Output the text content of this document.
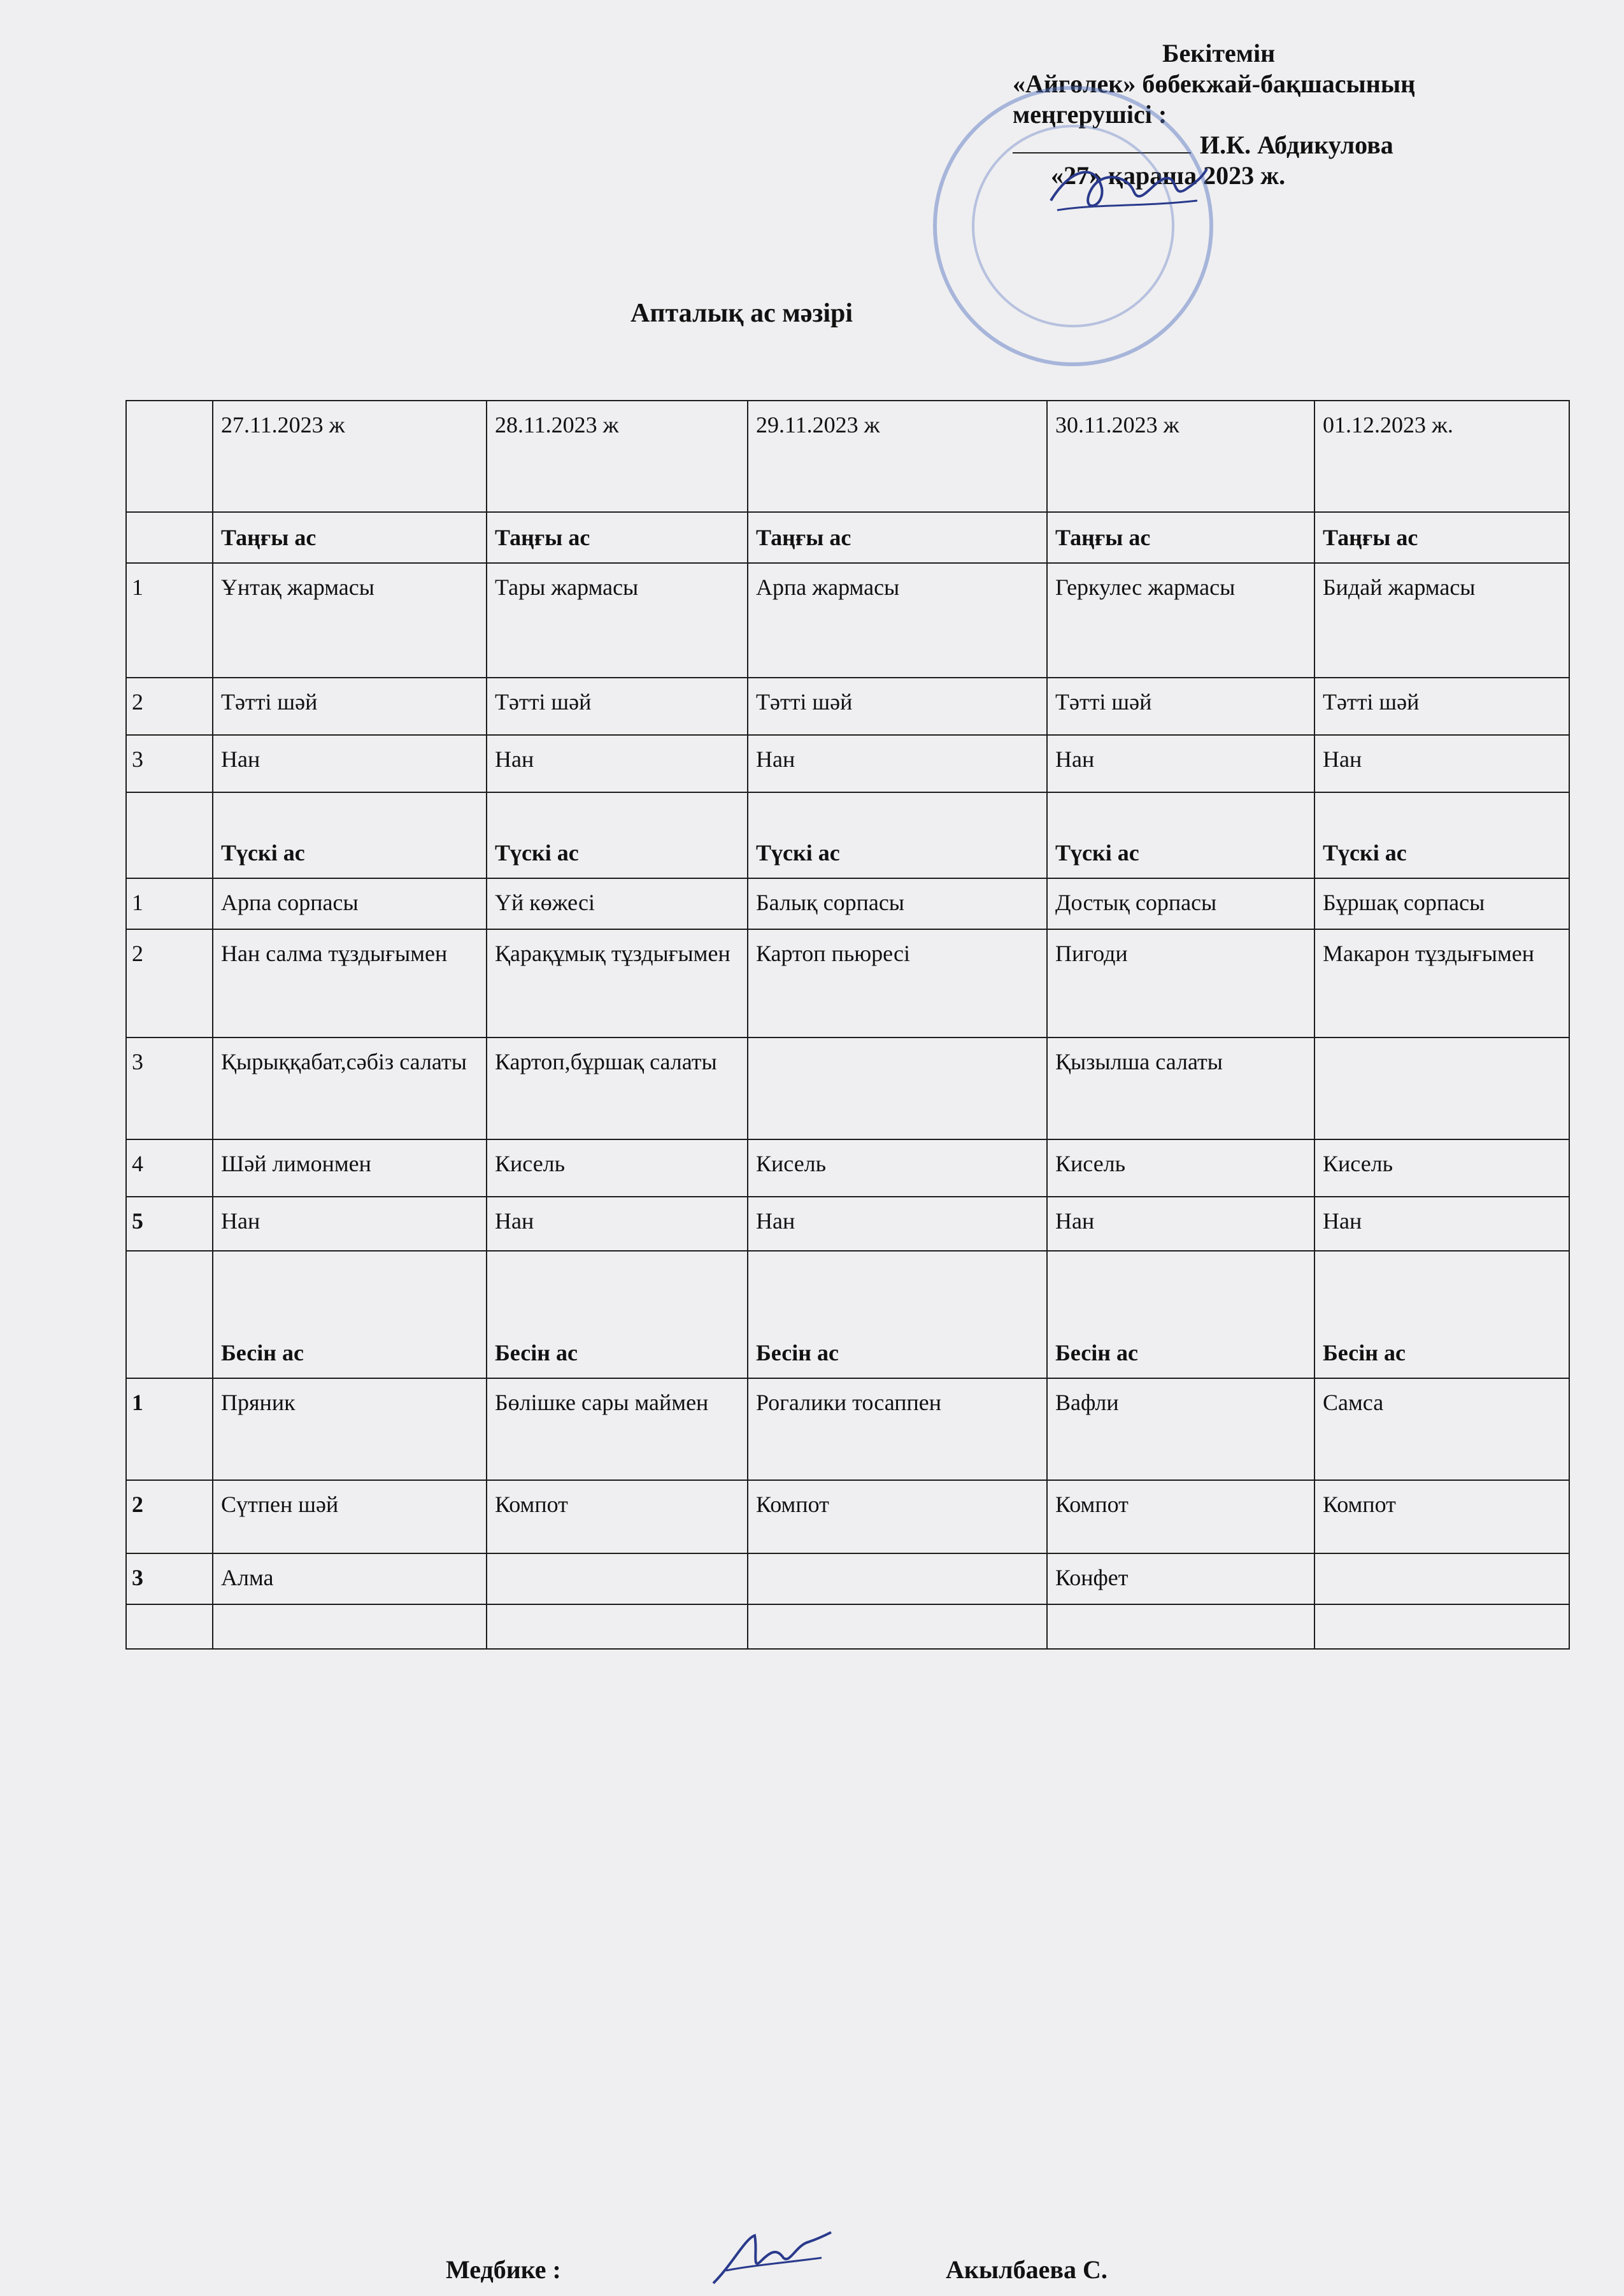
Бекітемін
«Айгөлек» бөбекжай-бақшасының
меңгерушісі :
И.К. Абдикулова
«27» қараша 2023 ж.
Апталық ас мәзірі
	27.11.2023 ж	28.11.2023 ж	29.11.2023 ж	30.11.2023 ж	01.12.2023 ж.
	Таңғы ас	Таңғы ас	Таңғы ас	Таңғы ас	Таңғы ас
1	Ұнтақ жармасы	Тары жармасы	Арпа жармасы	Геркулес жармасы	Бидай жармасы
2	Тәтті шәй	Тәтті шәй	Тәтті шәй	Тәтті шәй	Тәтті шәй
3	Нан	Нан	Нан	Нан	Нан
	Түскі ас	Түскі ас	Түскі ас	Түскі ас	Түскі ас
1	Арпа сорпасы	Үй көжесі	Балық сорпасы	Достық сорпасы	Бұршақ сорпасы
2	Нан салма тұздығымен	Қарақұмық тұздығымен	Картоп пьюресі	Пигоди	Макарон тұздығымен
3	Қырыққабат,сәбіз салаты	Картоп,бұршақ салаты		Қызылша салаты	
4	Шәй лимонмен	Кисель	Кисель	Кисель	Кисель
5	Нан	Нан	Нан	Нан	Нан
	Бесін ас	Бесін ас	Бесін ас	Бесін ас	Бесін ас
1	Пряник	Бөлішке сары маймен	Рогалики тосаппен	Вафли	Самса
2	Сүтпен шәй	Компот	Компот	Компот	Компот
3	Алма			Конфет	

Медбике :	Акылбаева С.
